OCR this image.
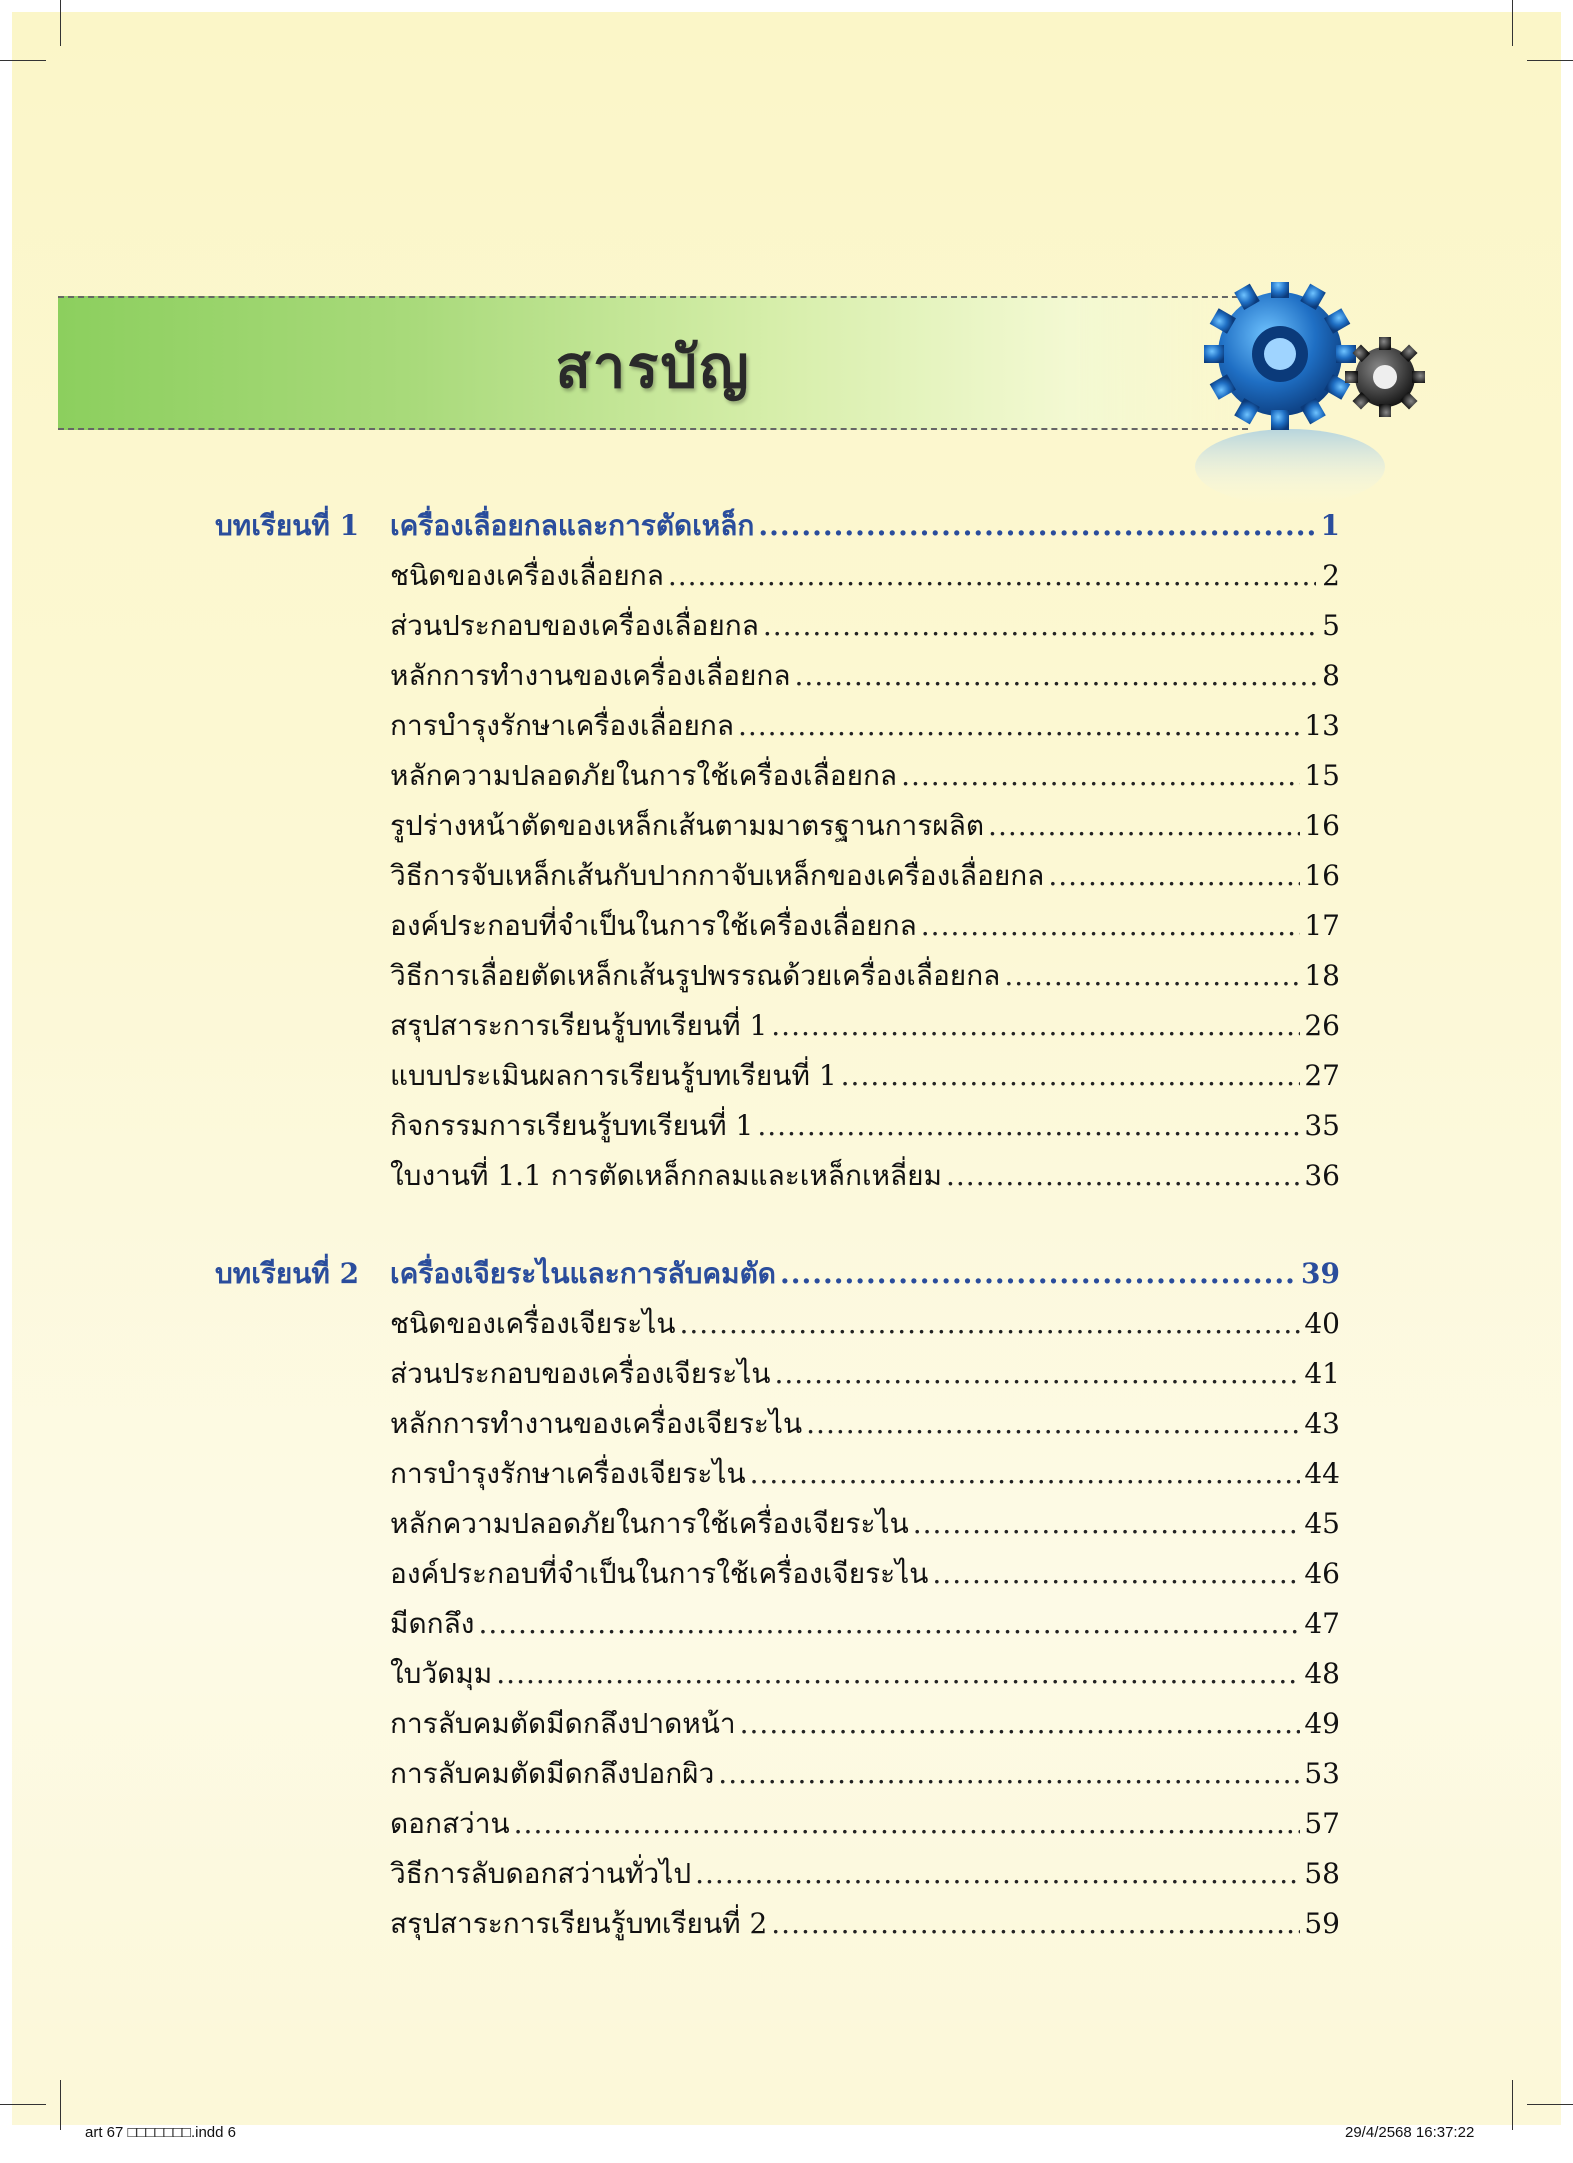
สารบัญ
บทเรียนที่ 1	เครื่องเลื่อยกลและการตัดเหล็ก .....	1
ชนิดของเครื่องเลื่อยกล .....	2
ส่วนประกอบของเครื่องเลื่อยกล .....	5
หลักการทำงานของเครื่องเลื่อยกล .....	8
การบำรุงรักษาเครื่องเลื่อยกล .....	13
หลักความปลอดภัยในการใช้เครื่องเลื่อยกล .....	15
รูปร่างหน้าตัดของเหล็กเส้นตามมาตรฐานการผลิต .....	16
วิธีการจับเหล็กเส้นกับปากกาจับเหล็กของเครื่องเลื่อยกล .....	16
องค์ประกอบที่จำเป็นในการใช้เครื่องเลื่อยกล .....	17
วิธีการเลื่อยตัดเหล็กเส้นรูปพรรณด้วยเครื่องเลื่อยกล .....	18
สรุปสาระการเรียนรู้บทเรียนที่ 1 .....	26
แบบประเมินผลการเรียนรู้บทเรียนที่ 1 .....	27
กิจกรรมการเรียนรู้บทเรียนที่ 1 .....	35
ใบงานที่ 1.1 การตัดเหล็กกลมและเหล็กเหลี่ยม .....	36
บทเรียนที่ 2	เครื่องเจียระไนและการลับคมตัด .....	39
ชนิดของเครื่องเจียระไน .....	40
ส่วนประกอบของเครื่องเจียระไน .....	41
หลักการทำงานของเครื่องเจียระไน .....	43
การบำรุงรักษาเครื่องเจียระไน .....	44
หลักความปลอดภัยในการใช้เครื่องเจียระไน .....	45
องค์ประกอบที่จำเป็นในการใช้เครื่องเจียระไน .....	46
มีดกลึง .....	47
ใบวัดมุม .....	48
การลับคมตัดมีดกลึงปาดหน้า .....	49
การลับคมตัดมีดกลึงปอกผิว .....	53
ดอกสว่าน .....	57
วิธีการลับดอกสว่านทั่วไป .....	58
สรุปสาระการเรียนรู้บทเรียนที่ 2 .....	59
art 67 □□□□□□□.indd 6	29/4/2568 16:37:22
